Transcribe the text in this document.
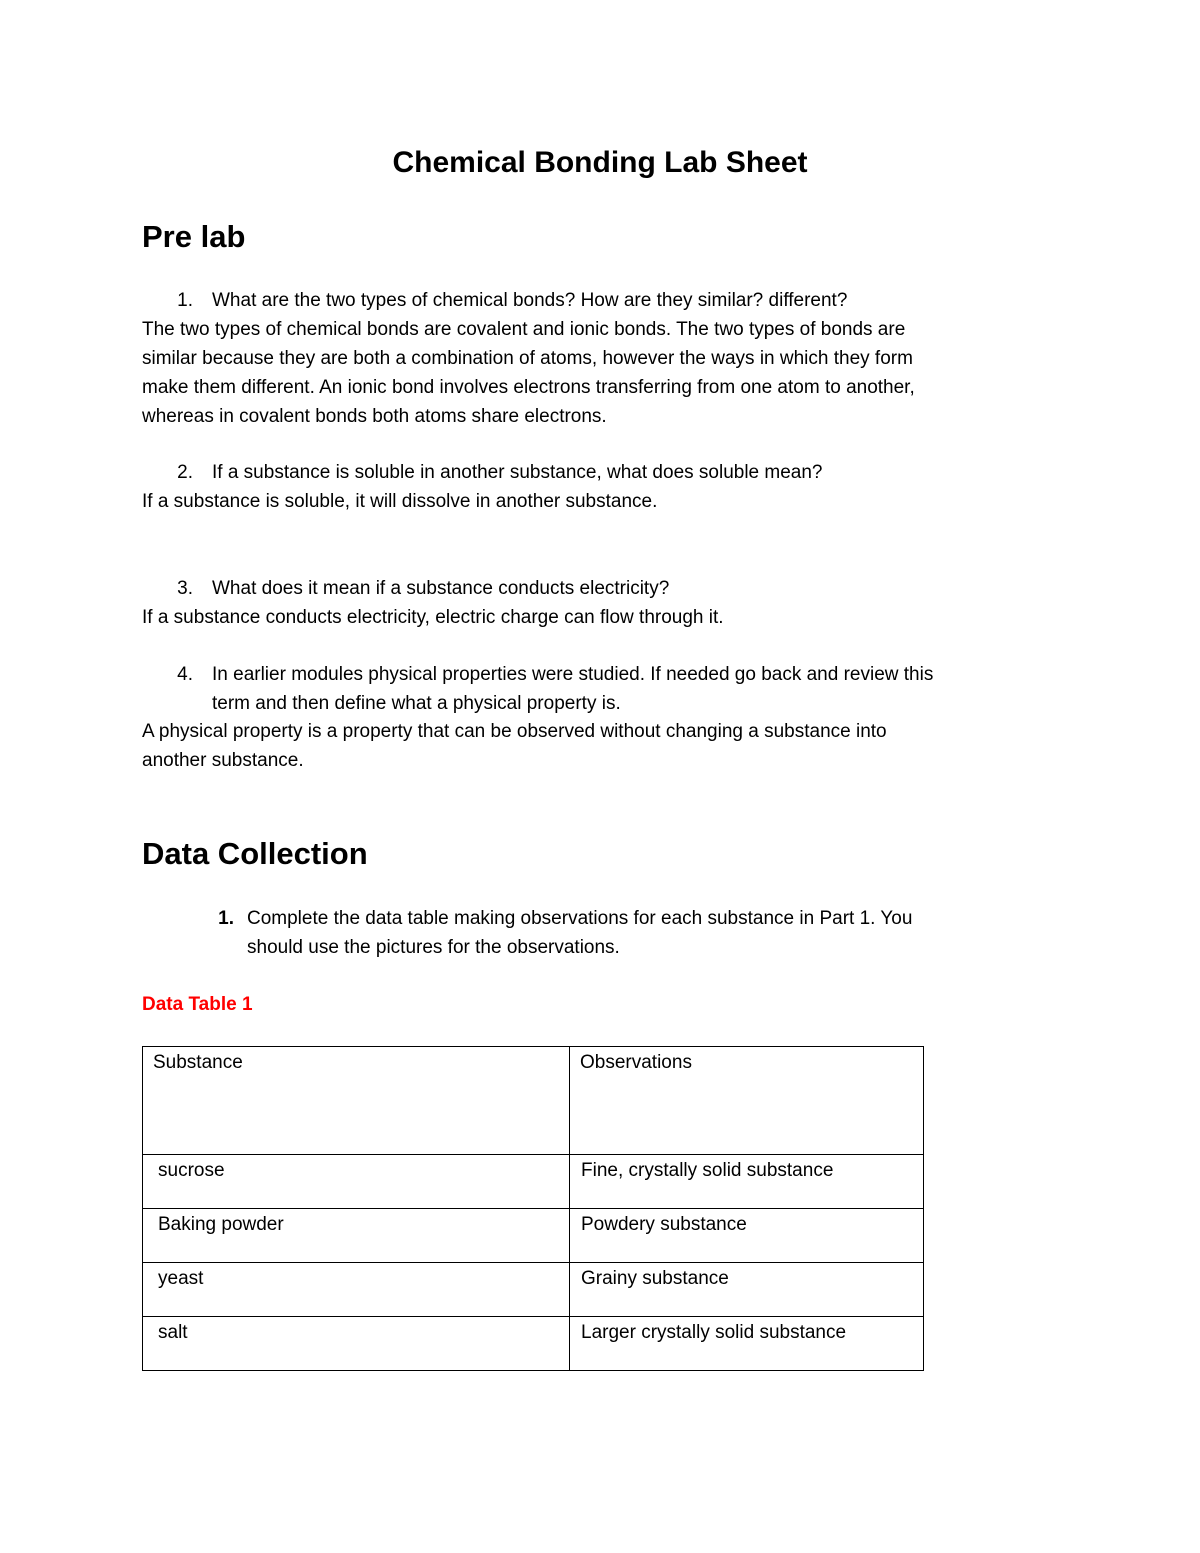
Chemical Bonding Lab Sheet
Pre lab
1. What are the two types of chemical bonds? How are they similar? different?
The two types of chemical bonds are covalent and ionic bonds. The two types of bonds are
similar because they are both a combination of atoms, however the ways in which they form
make them different. An ionic bond involves electrons transferring from one atom to another,
whereas in covalent bonds both atoms share electrons.
2. If a substance is soluble in another substance, what does soluble mean?
If a substance is soluble, it will dissolve in another substance.
3. What does it mean if a substance conducts electricity?
If a substance conducts electricity, electric charge can flow through it.
4. In earlier modules physical properties were studied. If needed go back and review this
term and then define what a physical property is.
A physical property is a property that can be observed without changing a substance into
another substance.
Data Collection
1. Complete the data table making observations for each substance in Part 1. You
should use the pictures for the observations.
Data Table 1
Substance	Observations
sucrose	Fine, crystally solid substance
Baking powder	Powdery substance
yeast	Grainy substance
salt	Larger crystally solid substance
